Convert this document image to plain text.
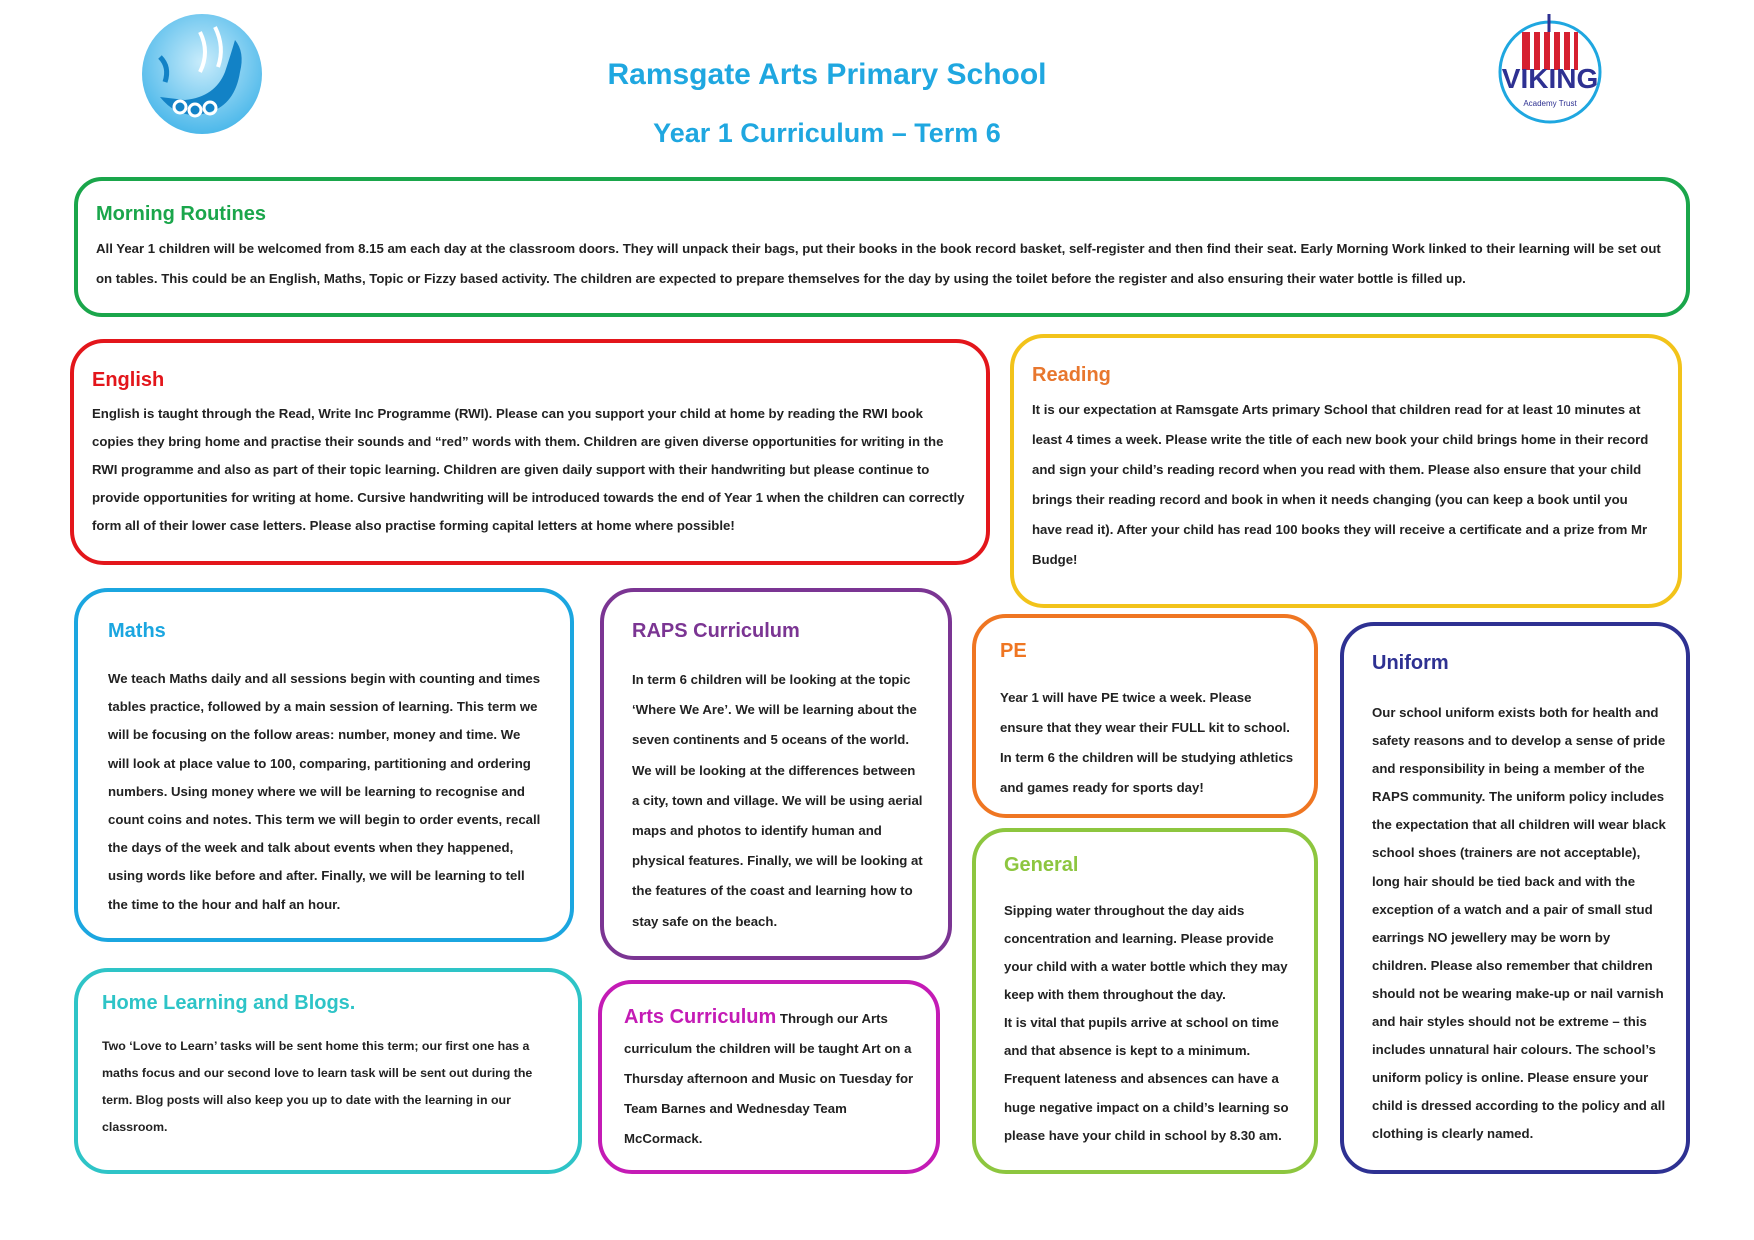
Ramsgate Arts Primary School
Year 1 Curriculum – Term 6
VIKING
Academy Trust
Morning Routines

All Year 1 children will be welcomed from 8.15 am each day at the classroom doors. They will unpack their bags, put their books in the book record basket, self-register and then find their seat. Early Morning Work linked to their learning will be set out on tables. This could be an English, Maths, Topic or Fizzy based activity. The children are expected to prepare themselves for the day by using the toilet before the register and also ensuring their water bottle is filled up.

English

English is taught through the Read, Write Inc Programme (RWI). Please can you support your child at home by reading the RWI book copies they bring home and practise their sounds and “red” words with them. Children are given diverse opportunities for writing in the RWI programme and also as part of their topic learning. Children are given daily support with their handwriting but please continue to provide opportunities for writing at home. Cursive handwriting will be introduced towards the end of Year 1 when the children can correctly form all of their lower case letters. Please also practise forming capital letters at home where possible!

Reading

It is our expectation at Ramsgate Arts primary School that children read for at least 10 minutes at least 4 times a week. Please write the title of each new book your child brings home in their record and sign your child’s reading record when you read with them. Please also ensure that your child brings their reading record and book in when it needs changing (you can keep a book until you have read it). After your child has read 100 books they will receive a certificate and a prize from Mr Budge!

Maths

We teach Maths daily and all sessions begin with counting and times tables practice, followed by a main session of learning. This term we will be focusing on the follow areas: number, money and time. We will look at place value to 100, comparing, partitioning and ordering numbers. Using money where we will be learning to recognise and count coins and notes. This term we will begin to order events, recall the days of the week and talk about events when they happened, using words like before and after. Finally, we will be learning to tell the time to the hour and half an hour.

RAPS Curriculum

In term 6 children will be looking at the topic ‘Where We Are’. We will be learning about the seven continents and 5 oceans of the world. We will be looking at the differences between a city, town and village. We will be using aerial maps and photos to identify human and physical features. Finally, we will be looking at the features of the coast and learning how to stay safe on the beach.

PE

Year 1 will have PE twice a week. Please ensure that they wear their FULL kit to school. In term 6 the children will be studying athletics and games ready for sports day!

Uniform

Our school uniform exists both for health and safety reasons and to develop a sense of pride and responsibility in being a member of the RAPS community. The uniform policy includes the expectation that all children will wear black school shoes (trainers are not acceptable), long hair should be tied back and with the exception of a watch and a pair of small stud earrings NO jewellery may be worn by children. Please also remember that children should not be wearing make-up or nail varnish and hair styles should not be extreme – this includes unnatural hair colours. The school’s uniform policy is online. Please ensure your child is dressed according to the policy and all clothing is clearly named.

General

Sipping water throughout the day aids concentration and learning. Please provide your child with a water bottle which they may keep with them throughout the day.

It is vital that pupils arrive at school on time and that absence is kept to a minimum. Frequent lateness and absences can have a huge negative impact on a child’s learning so please have your child in school by 8.30 am.

Home Learning and Blogs.

Two ‘Love to Learn’ tasks will be sent home this term; our first one has a maths focus and our second love to learn task will be sent out during the term. Blog posts will also keep you up to date with the learning in our classroom.

Arts Curriculum Through our Arts curriculum the children will be taught Art on a Thursday afternoon and Music on Tuesday for Team Barnes and Wednesday Team McCormack.
